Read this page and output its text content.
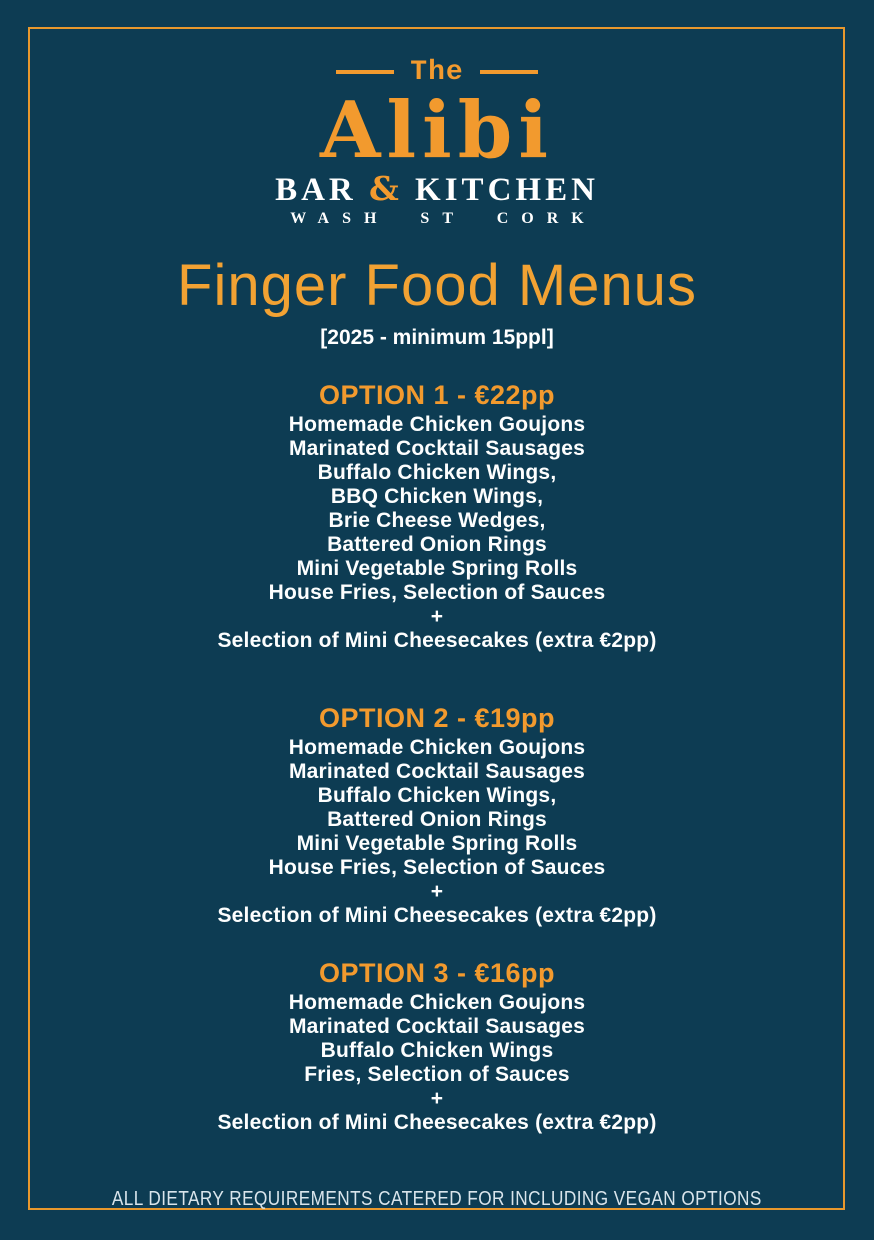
The
Alibi
BAR & KITCHEN
WASH ST CORK
Finger Food Menus
[2025 - minimum 15ppl]
OPTION 1 - €22pp
Homemade Chicken Goujons
Marinated Cocktail Sausages
Buffalo Chicken Wings,
BBQ Chicken Wings,
Brie Cheese Wedges,
Battered Onion Rings
Mini Vegetable Spring Rolls
House Fries, Selection of Sauces
+
Selection of Mini Cheesecakes (extra €2pp)
OPTION 2 - €19pp
Homemade Chicken Goujons
Marinated Cocktail Sausages
Buffalo Chicken Wings,
Battered Onion Rings
Mini Vegetable Spring Rolls
House Fries, Selection of Sauces
+
Selection of Mini Cheesecakes (extra €2pp)
OPTION 3 - €16pp
Homemade Chicken Goujons
Marinated Cocktail Sausages
Buffalo Chicken Wings
Fries, Selection of Sauces
+
Selection of Mini Cheesecakes (extra €2pp)
ALL DIETARY REQUIREMENTS CATERED FOR INCLUDING VEGAN OPTIONS
